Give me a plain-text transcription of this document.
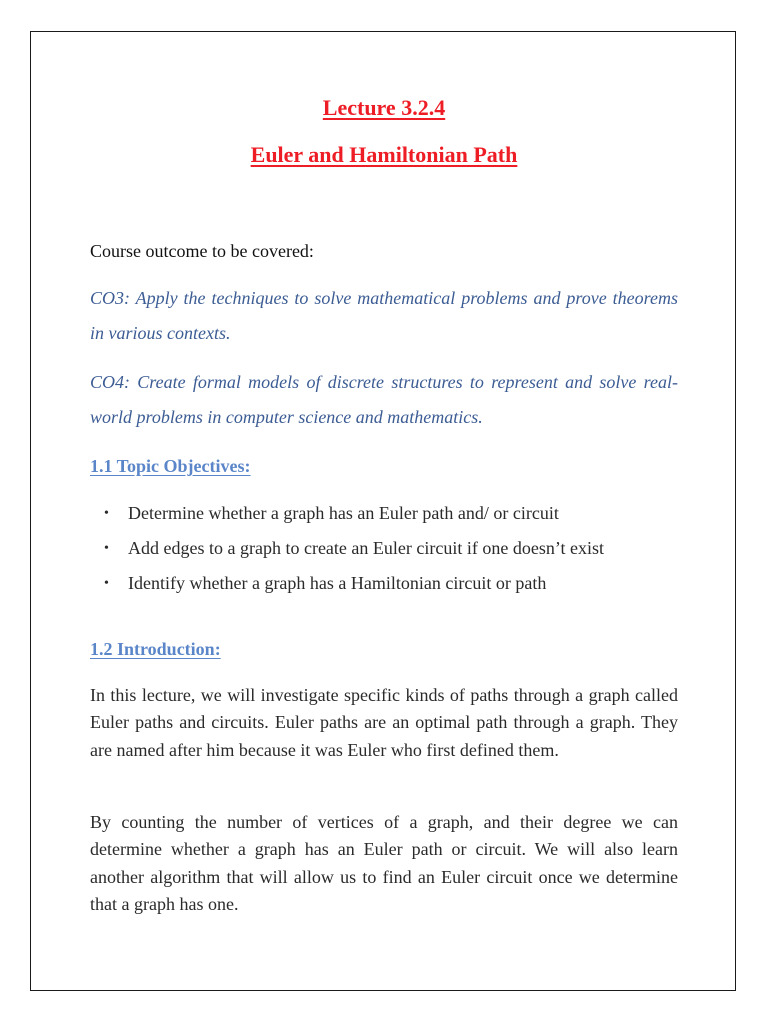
Lecture 3.2.4
Euler and Hamiltonian Path

Course outcome to be covered:

CO3: Apply the techniques to solve mathematical problems and prove theorems in various contexts.

CO4: Create formal models of discrete structures to represent and solve real-world problems in computer science and mathematics.

1.1 Topic Objectives:
• Determine whether a graph has an Euler path and/ or circuit
• Add edges to a graph to create an Euler circuit if one doesn’t exist
• Identify whether a graph has a Hamiltonian circuit or path
1.2 Introduction:

In this lecture, we will investigate specific kinds of paths through a graph called Euler paths and circuits. Euler paths are an optimal path through a graph. They are named after him because it was Euler who first defined them.

By counting the number of vertices of a graph, and their degree we can determine whether a graph has an Euler path or circuit. We will also learn another algorithm that will allow us to find an Euler circuit once we determine that a graph has one.
